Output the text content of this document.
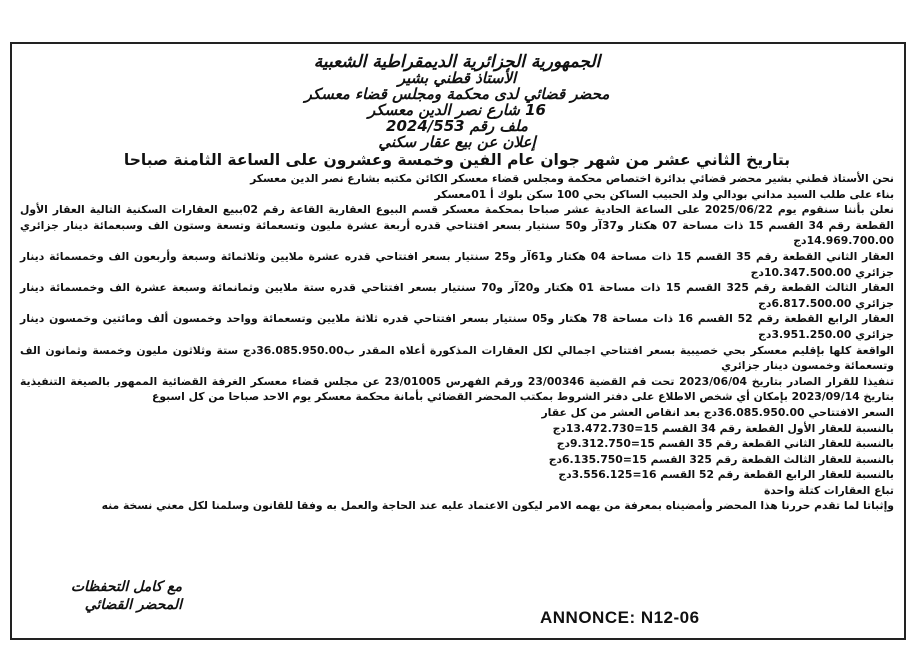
الجمهورية الجزائرية الديمقراطية الشعبية
الأستاذ قطني بشير
محضر قضائي لدى محكمة ومجلس قضاء معسكر
16 شارع نصر الدين معسكر
ملف رقم 2024/553
إعلان عن بيع عقار سكني
بتاريخ الثاني عشر من شهر جوان عام الفين وخمسة وعشرون على الساعة الثامنة صباحا

نحن الأستاذ قطني بشير محضر قضائي بدائرة اختصاص محكمة ومجلس قضاء معسكر الكائن مكتبه بشارع نصر الدين معسكر

بناء على طلب السيد مداني بودالي ولد الحبيب الساكن بحي 100 سكن بلوك أ 01معسكر

نعلن بأننا سنقوم يوم 2025/06/22 على الساعة الحادية عشر صباحا بمحكمة معسكر قسم البيوع العقارية القاعة رقم 02ببيع العقارات السكنية التالية العقار الأول القطعة رقم 34 القسم 15 ذات مساحة 07 هكتار و37آر و50 سنتيار بسعر افتتاحي قدره أربعة عشرة مليون وتسعمائة وتسعة وستون الف وسبعمائة دينار جزائري 14.969.700.00دج

العقار الثاني القطعة رقم 35 القسم 15 ذات مساحة 04 هكتار و61آر و25 سنتيار بسعر افتتاحي قدره عشرة ملايين وثلاثمائة وسبعة وأربعون الف وخمسمائة دينار جزائري 10.347.500.00دج

العقار الثالث القطعة رقم 325 القسم 15 ذات مساحة 01 هكتار و20آر و70 سنتيار بسعر افتتاحي قدره ستة ملايين وثمانمائة وسبعة عشرة الف وخمسمائة دينار جزائري 6.817.500.00دج

العقار الرابع القطعة رقم 52 القسم 16 ذات مساحة 78 هكتار و05 سنتيار بسعر افتتاحي قدره ثلاثة ملايين وتسعمائة وواحد وخمسون ألف ومائتين وخمسون دينار جزائري 3.951.250.00دج

الواقعة كلها بإقليم معسكر بحي خصيبية بسعر افتتاحي اجمالي لكل العقارات المذكورة أعلاه المقدر ب36.085.950.00دج ستة وثلاثون مليون وخمسة وثمانون الف وتسعمائة وخمسون دينار جزائري

تنفيذا للقرار الصادر بتاريخ 2023/06/04 تحت قم القضية 23/00346 ورقم الفهرس 23/01005 عن مجلس قضاء معسكر الغرفة القضائية الممهور بالصيغة التنفيذية بتاريخ 2023/09/14 بإمكان أي شخص الاطلاع على دفتر الشروط بمكتب المحضر القضائي بأمانة محكمة معسكر يوم الاحد صباحا من كل اسبوع

السعر الافتتاحي 36.085.950.00دج بعد انقاص العشر من كل عقار

بالنسبة للعقار الأول القطعة رقم 34 القسم 15=13.472.730دج

بالنسبة للعقار الثاني القطعة رقم 35 القسم 15=9.312.750دج

بالنسبة للعقار الثالث القطعة رقم 325 القسم 15=6.135.750دج

بالنسبة للعقار الرابع القطعة رقم 52 القسم 16=3.556.125دج

تباع العقارات كتلة واحدة

وإثباتا لما تقدم حررنا هذا المحضر وأمضيناه بمعرفة من يهمه الامر ليكون الاعتماد عليه عند الحاجة والعمل به وفقا للقانون وسلمنا لكل معني نسخة منه

مع كامل التحفظات
المحضر القضائي
ANNONCE: N12-06
